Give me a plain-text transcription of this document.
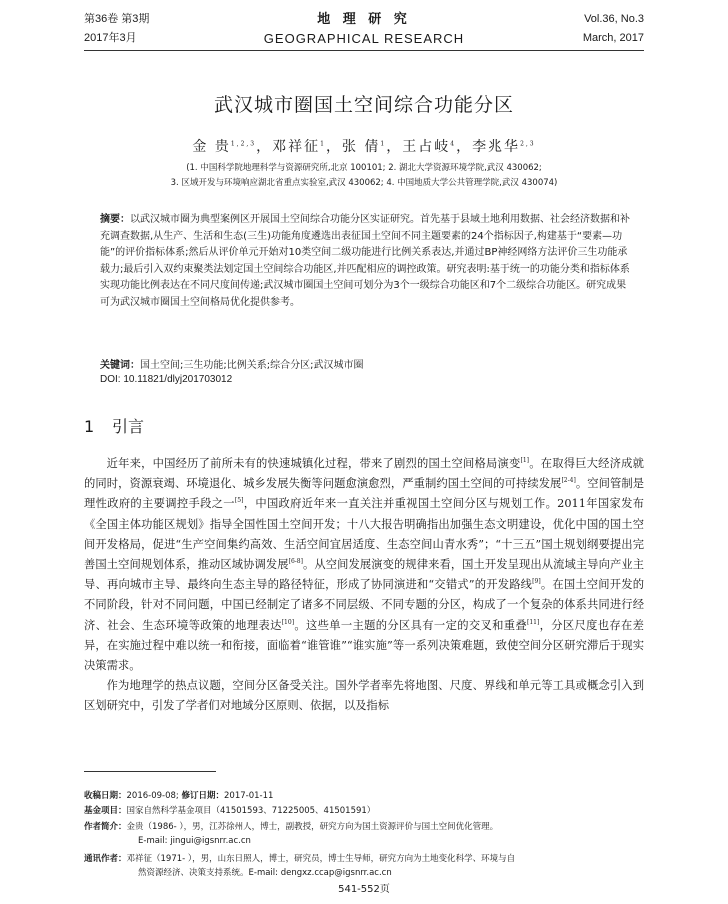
第36卷 第3期
2017年3月
地 理 研 究
GEOGRAPHICAL RESEARCH
Vol.36, No.3
March, 2017
武汉城市圈国土空间综合功能分区
金 贵$^{1,2,3}$，邓祥征$^1$，张 倩$^1$，王占岐$^4$，李兆华$^{2,3}$
(1. 中国科学院地理科学与资源研究所,北京 100101; 2. 湖北大学资源环境学院,武汉 430062;
3. 区域开发与环境响应湖北省重点实验室,武汉 430062; 4. 中国地质大学公共管理学院,武汉 430074)
摘要：以武汉城市圈为典型案例区开展国土空间综合功能分区实证研究。首先基于县域土地利用数据、社会经济数据和补充调查数据,从生产、生活和生态(三生)功能角度遴选出表征国土空间不同主题要素的24个指标因子,构建基于“要素—功能”的评价指标体系;然后从评价单元开始对10类空间二级功能进行比例关系表达,并通过BP神经网络方法评价三生功能承载力;最后引入双约束聚类法划定国土空间综合功能区,并匹配相应的调控政策。研究表明:基于统一的功能分类和指标体系实现功能比例表达在不同尺度间传递;武汉城市圈国土空间可划分为3个一级综合功能区和7个二级综合功能区。研究成果可为武汉城市圈国土空间格局优化提供参考。
关键词：国土空间;三生功能;比例关系;综合分区;武汉城市圈
DOI: 10.11821/dlyj201703012
1 引言

近年来，中国经历了前所未有的快速城镇化过程，带来了剧烈的国土空间格局演变[1]。在取得巨大经济成就的同时，资源衰竭、环境退化、城乡发展失衡等问题愈演愈烈，严重制约国土空间的可持续发展[2-4]。空间管制是理性政府的主要调控手段之一[5]，中国政府近年来一直关注并重视国土空间分区与规划工作。2011年国家发布《全国主体功能区规划》指导全国性国土空间开发；十八大报告明确指出加强生态文明建设，优化中国的国土空间开发格局，促进“生产空间集约高效、生活空间宜居适度、生态空间山青水秀”；“十三五”国土规划纲要提出完善国土空间规划体系，推动区域协调发展[6-8]。从空间发展演变的规律来看，国土开发呈现出从流域主导向产业主导、再向城市主导、最终向生态主导的路径特征，形成了协同演进和“交错式”的开发路线[9]。在国土空间开发的不同阶段，针对不同问题，中国已经制定了诸多不同层级、不同专题的分区，构成了一个复杂的体系共同进行经济、社会、生态环境等政策的地理表达[10]。这些单一主题的分区具有一定的交叉和重叠[11]，分区尺度也存在差异，在实施过程中难以统一和衔接，面临着“谁管谁”“谁实施”等一系列决策难题，致使空间分区研究滞后于现实决策需求。

作为地理学的热点议题，空间分区备受关注。国外学者率先将地图、尺度、界线和单元等工具或概念引入到区划研究中，引发了学者们对地域分区原则、依据，以及指标

收稿日期：2016-09-08; 修订日期：2017-01-11
基金项目：国家自然科学基金项目（41501593、71225005、41501591）
作者简介：金贵（1986- ），男，江苏徐州人，博士，副教授，研究方向为国土资源评价与国土空间优化管理。
E-mail: jingui@igsnrr.ac.cn
通讯作者：邓祥征（1971- ），男，山东日照人，博士，研究员，博士生导师，研究方向为土地变化科学、环境与自
然资源经济、决策支持系统。E-mail: dengxz.ccap@igsnrr.ac.cn
541-552页
